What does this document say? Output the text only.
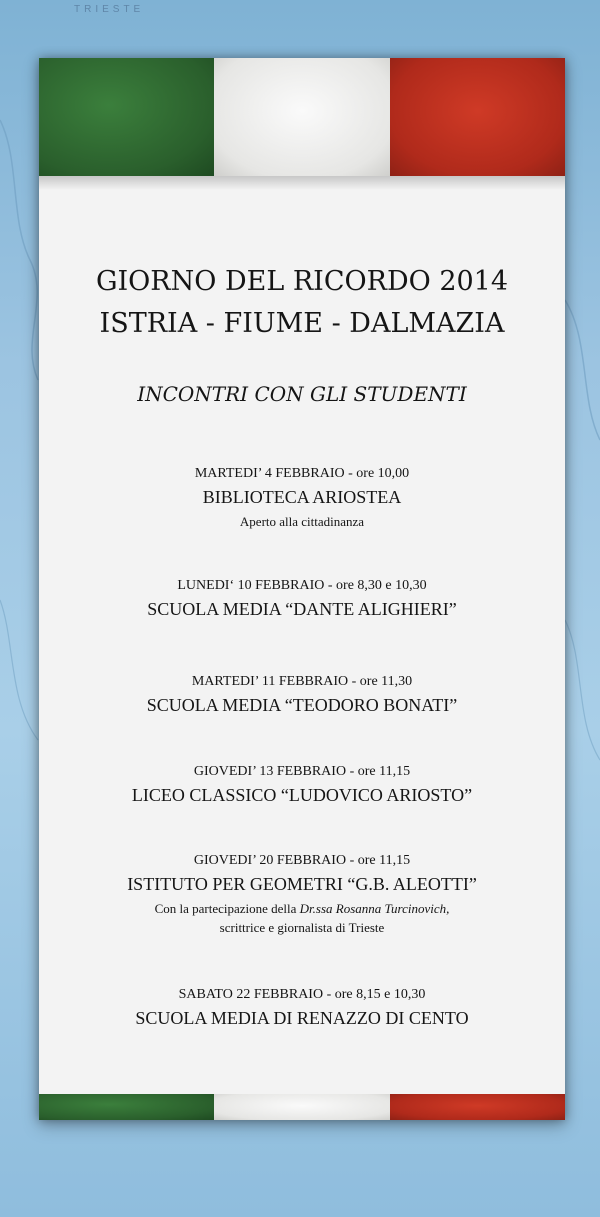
TRIESTE
GIORNO DEL RICORDO 2014
ISTRIA - FIUME - DALMAZIA
INCONTRI CON GLI STUDENTI
MARTEDI’ 4 FEBBRAIO - ore 10,00
BIBLIOTECA ARIOSTEA
Aperto alla cittadinanza
LUNEDI‘ 10 FEBBRAIO - ore 8,30 e 10,30
SCUOLA MEDIA “DANTE ALIGHIERI”
MARTEDI’ 11 FEBBRAIO - ore 11,30
SCUOLA MEDIA “TEODORO BONATI”
GIOVEDI’ 13 FEBBRAIO - ore 11,15
LICEO CLASSICO “LUDOVICO ARIOSTO”
GIOVEDI’ 20 FEBBRAIO - ore 11,15
ISTITUTO PER GEOMETRI “G.B. ALEOTTI”
Con la partecipazione della Dr.ssa Rosanna Turcinovich,
scrittrice e giornalista di Trieste
SABATO 22 FEBBRAIO - ore 8,15 e 10,30
SCUOLA MEDIA DI RENAZZO DI CENTO
